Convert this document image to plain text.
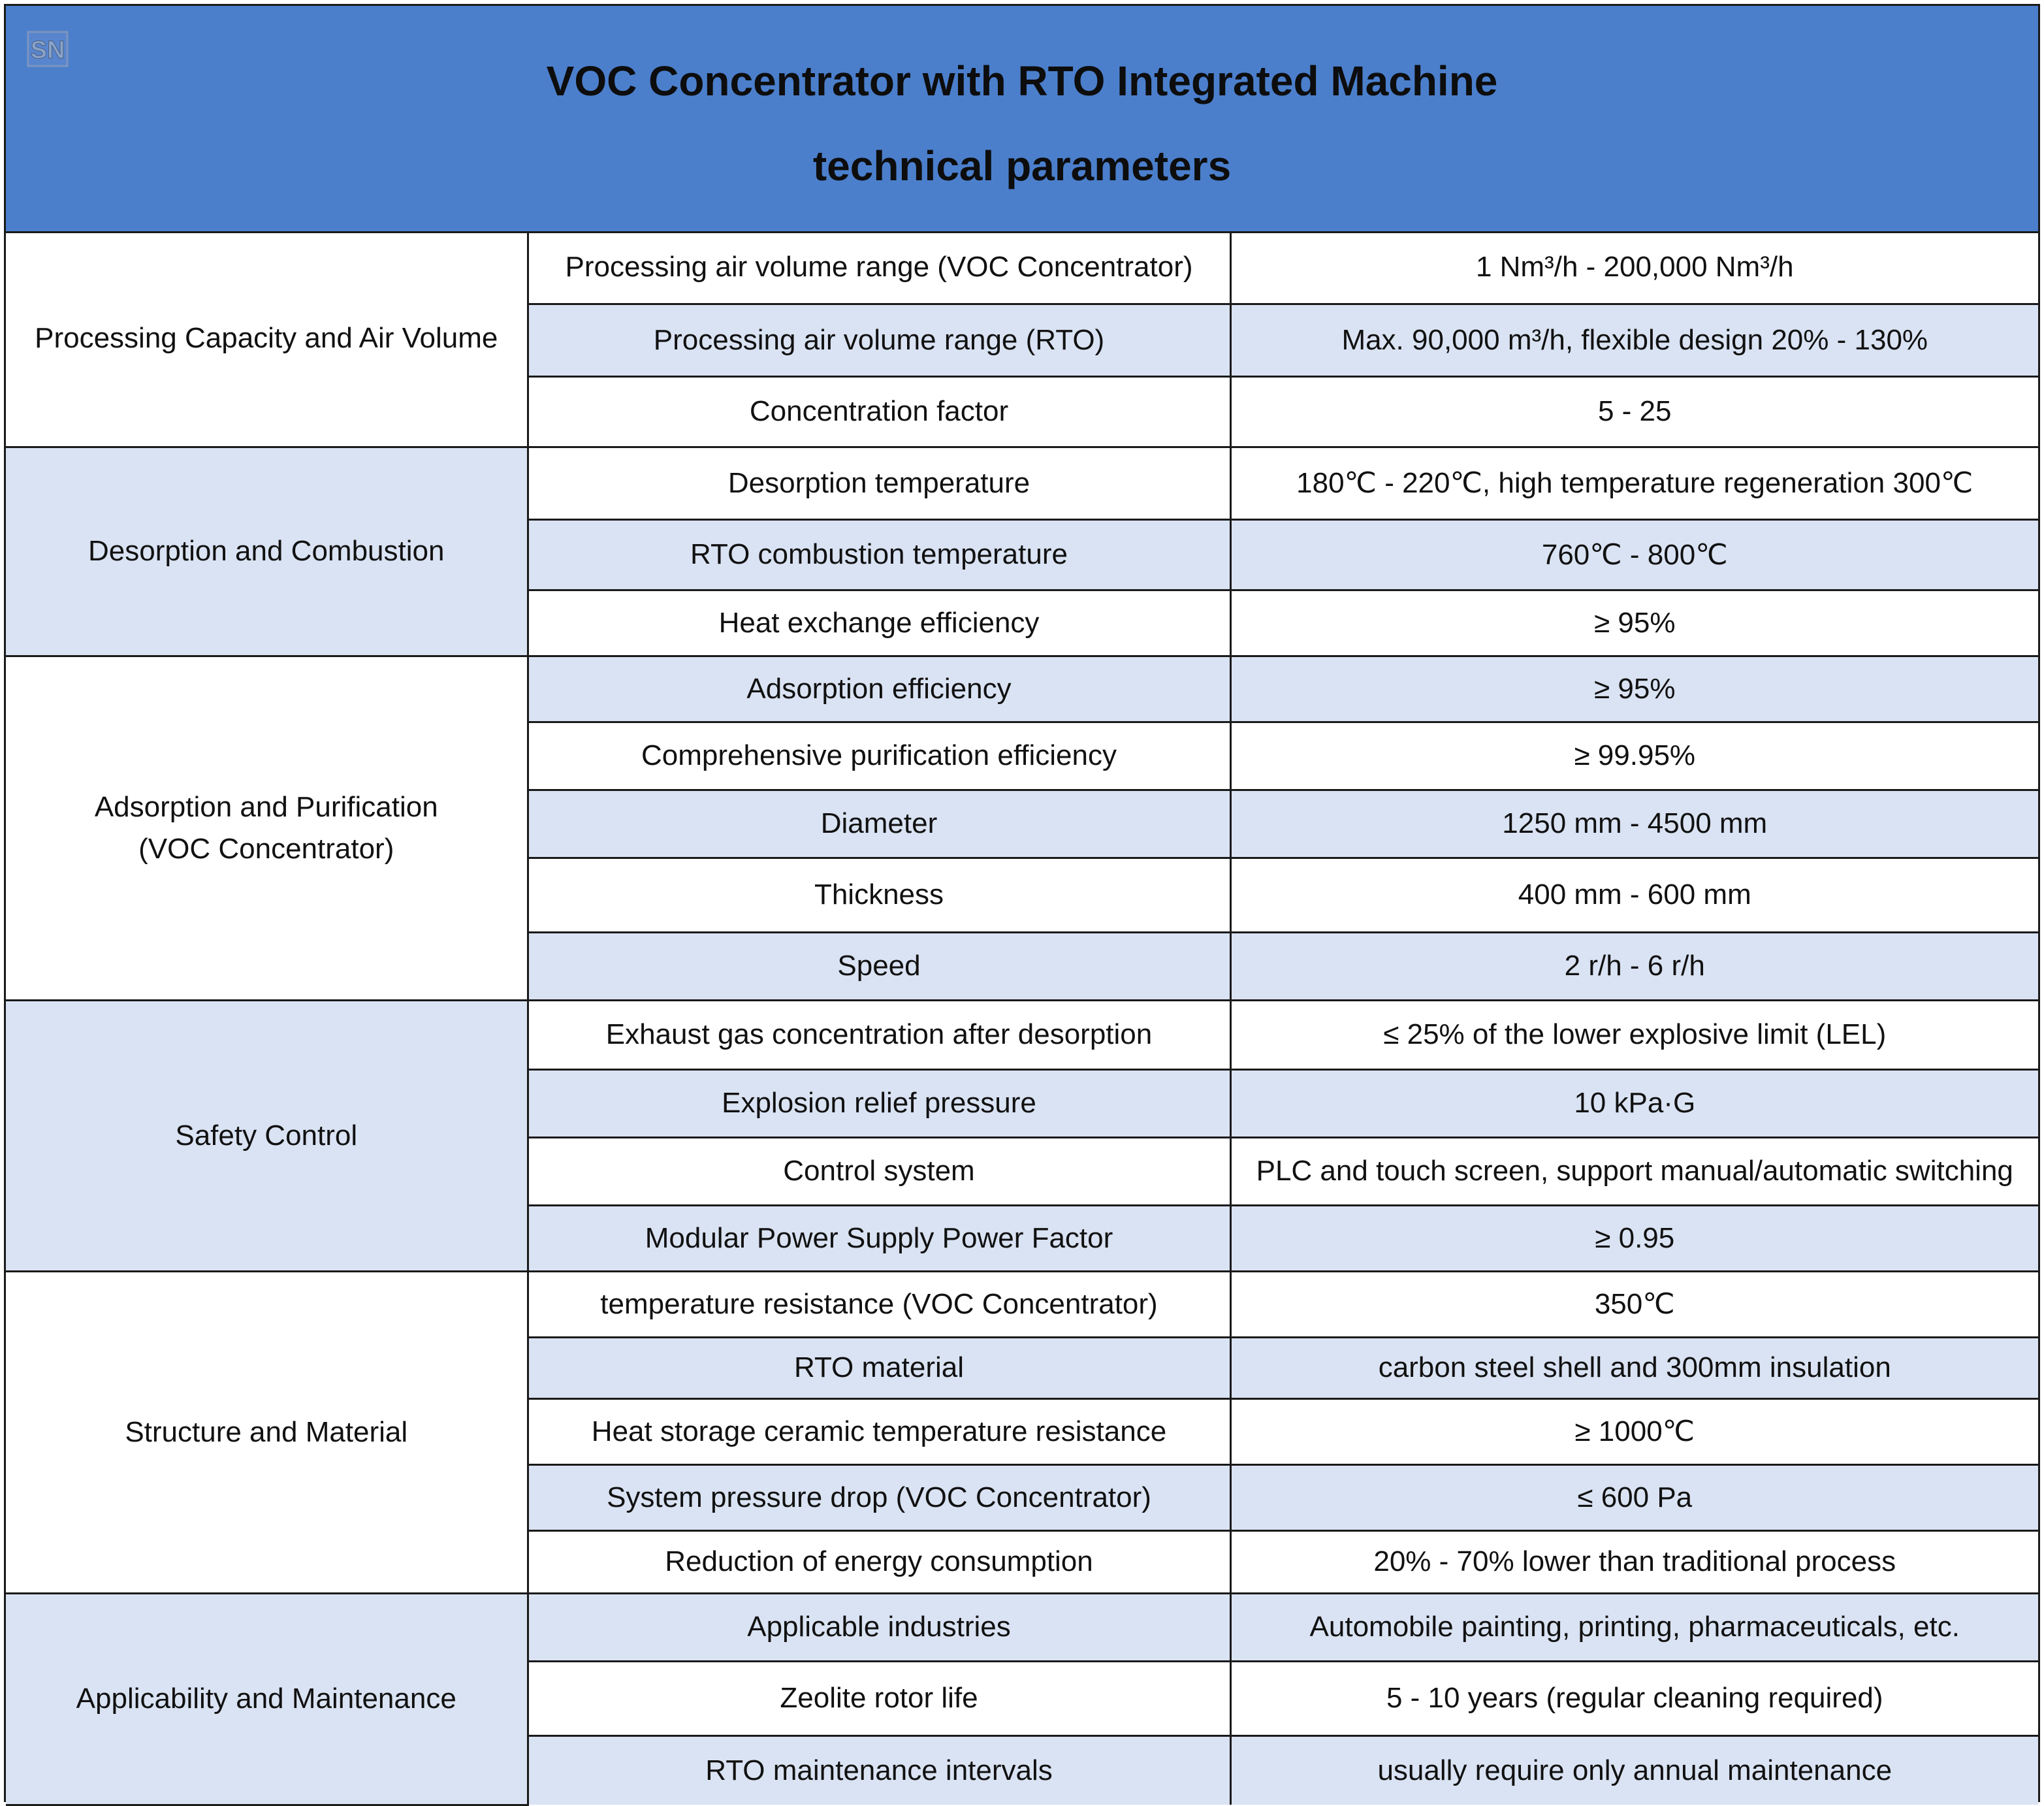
SN
VOC Concentrator with RTO Integrated Machine
technical parameters
Processing Capacity and Air Volume	Processing air volume range (VOC Concentrator)	1 Nm³/h - 200,000 Nm³/h
	Processing air volume range (RTO)	Max. 90,000 m³/h, flexible design 20% - 130%
	Concentration factor	5 - 25
Desorption and Combustion	Desorption temperature	180℃ - 220℃, high temperature regeneration 300℃
	RTO combustion temperature	760℃ - 800℃
	Heat exchange efficiency	≥ 95%

Adsorption and Purification
(VOC Concentrator)	Adsorption efficiency	≥ 95%
	Comprehensive purification efficiency	≥ 99.95%
	Diameter	1250 mm - 4500 mm
	Thickness	400 mm - 600 mm
	Speed	2 r/h - 6 r/h
Safety Control	Exhaust gas concentration after desorption	≤ 25% of the lower explosive limit (LEL)
	Explosion relief pressure	10 kPa·G
	Control system	PLC and touch screen, support manual/automatic switching
	Modular Power Supply Power Factor	≥ 0.95
Structure and Material	temperature resistance (VOC Concentrator)	350℃
	RTO material	carbon steel shell and 300mm insulation
	Heat storage ceramic temperature resistance	≥ 1000℃
	System pressure drop (VOC Concentrator)	≤ 600 Pa
	Reduction of energy consumption	20% - 70% lower than traditional process
Applicability and Maintenance	Applicable industries	Automobile painting, printing, pharmaceuticals, etc.
	Zeolite rotor life	5 - 10 years (regular cleaning required)
	RTO maintenance intervals	usually require only annual maintenance
